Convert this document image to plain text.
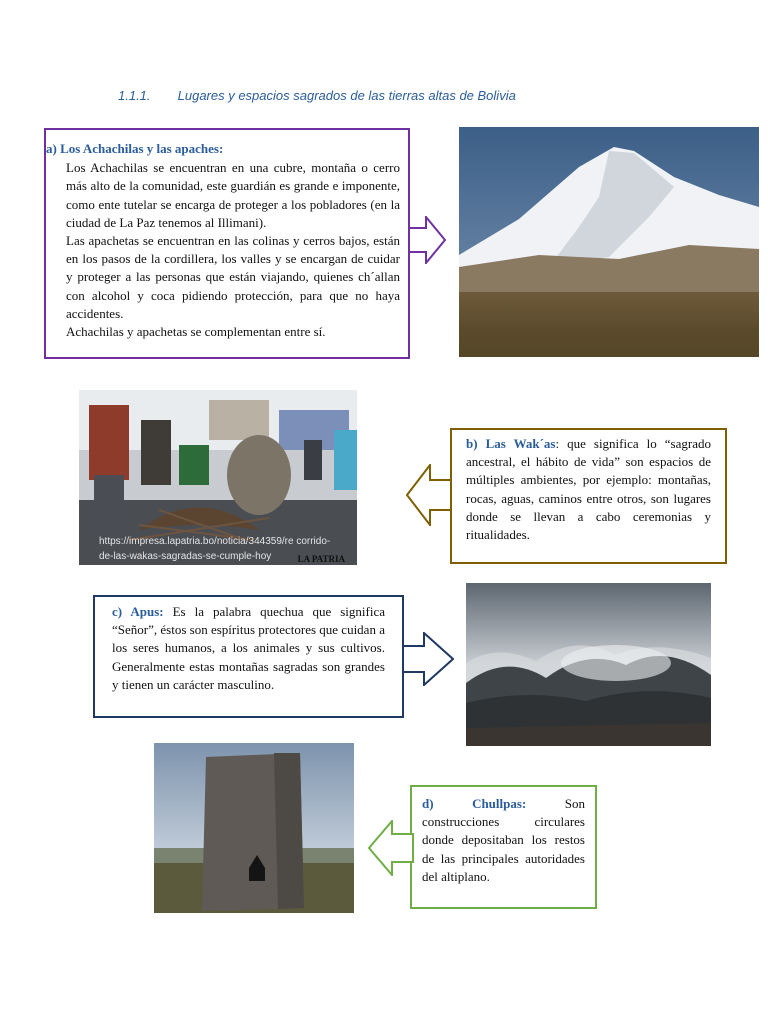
1.1.1. Lugares y espacios sagrados de las tierras altas de Bolivia
a) Los Achachilas y las apaches:
Los Achachilas se encuentran en una cubre, montaña o cerro más alto de la comunidad, este guardián es grande e imponente, como ente tutelar se encarga de proteger a los pobladores (en la ciudad de La Paz tenemos al Illimani).
Las apachetas se encuentran en las colinas y cerros bajos, están en los pasos de la cordillera, los valles y se encargan de cuidar y proteger a las personas que están viajando, quienes ch´allan con alcohol y coca pidiendo protección, para que no haya accidentes.
Achachilas y apachetas se complementan entre sí.
https://impresa.lapatria.bo/noticia/344359/re corrido-de-las-wakas-sagradas-se-cumple-hoy	LA PATRIA
b) Las Wak´as: que significa lo “sagrado ancestral, el hábito de vida” son espacios de múltiples ambientes, por ejemplo: montañas, rocas, aguas, caminos entre otros, son lugares donde se llevan a cabo ceremonias y ritualidades.
c) Apus: Es la palabra quechua que significa “Señor”, éstos son espíritus protectores que cuidan a los seres humanos, a los animales y sus cultivos. Generalmente estas montañas sagradas son grandes y tienen un carácter masculino.
d)	Chullpas:	Son
construcciones circulares donde depositaban los restos de las principales autoridades del altiplano.
